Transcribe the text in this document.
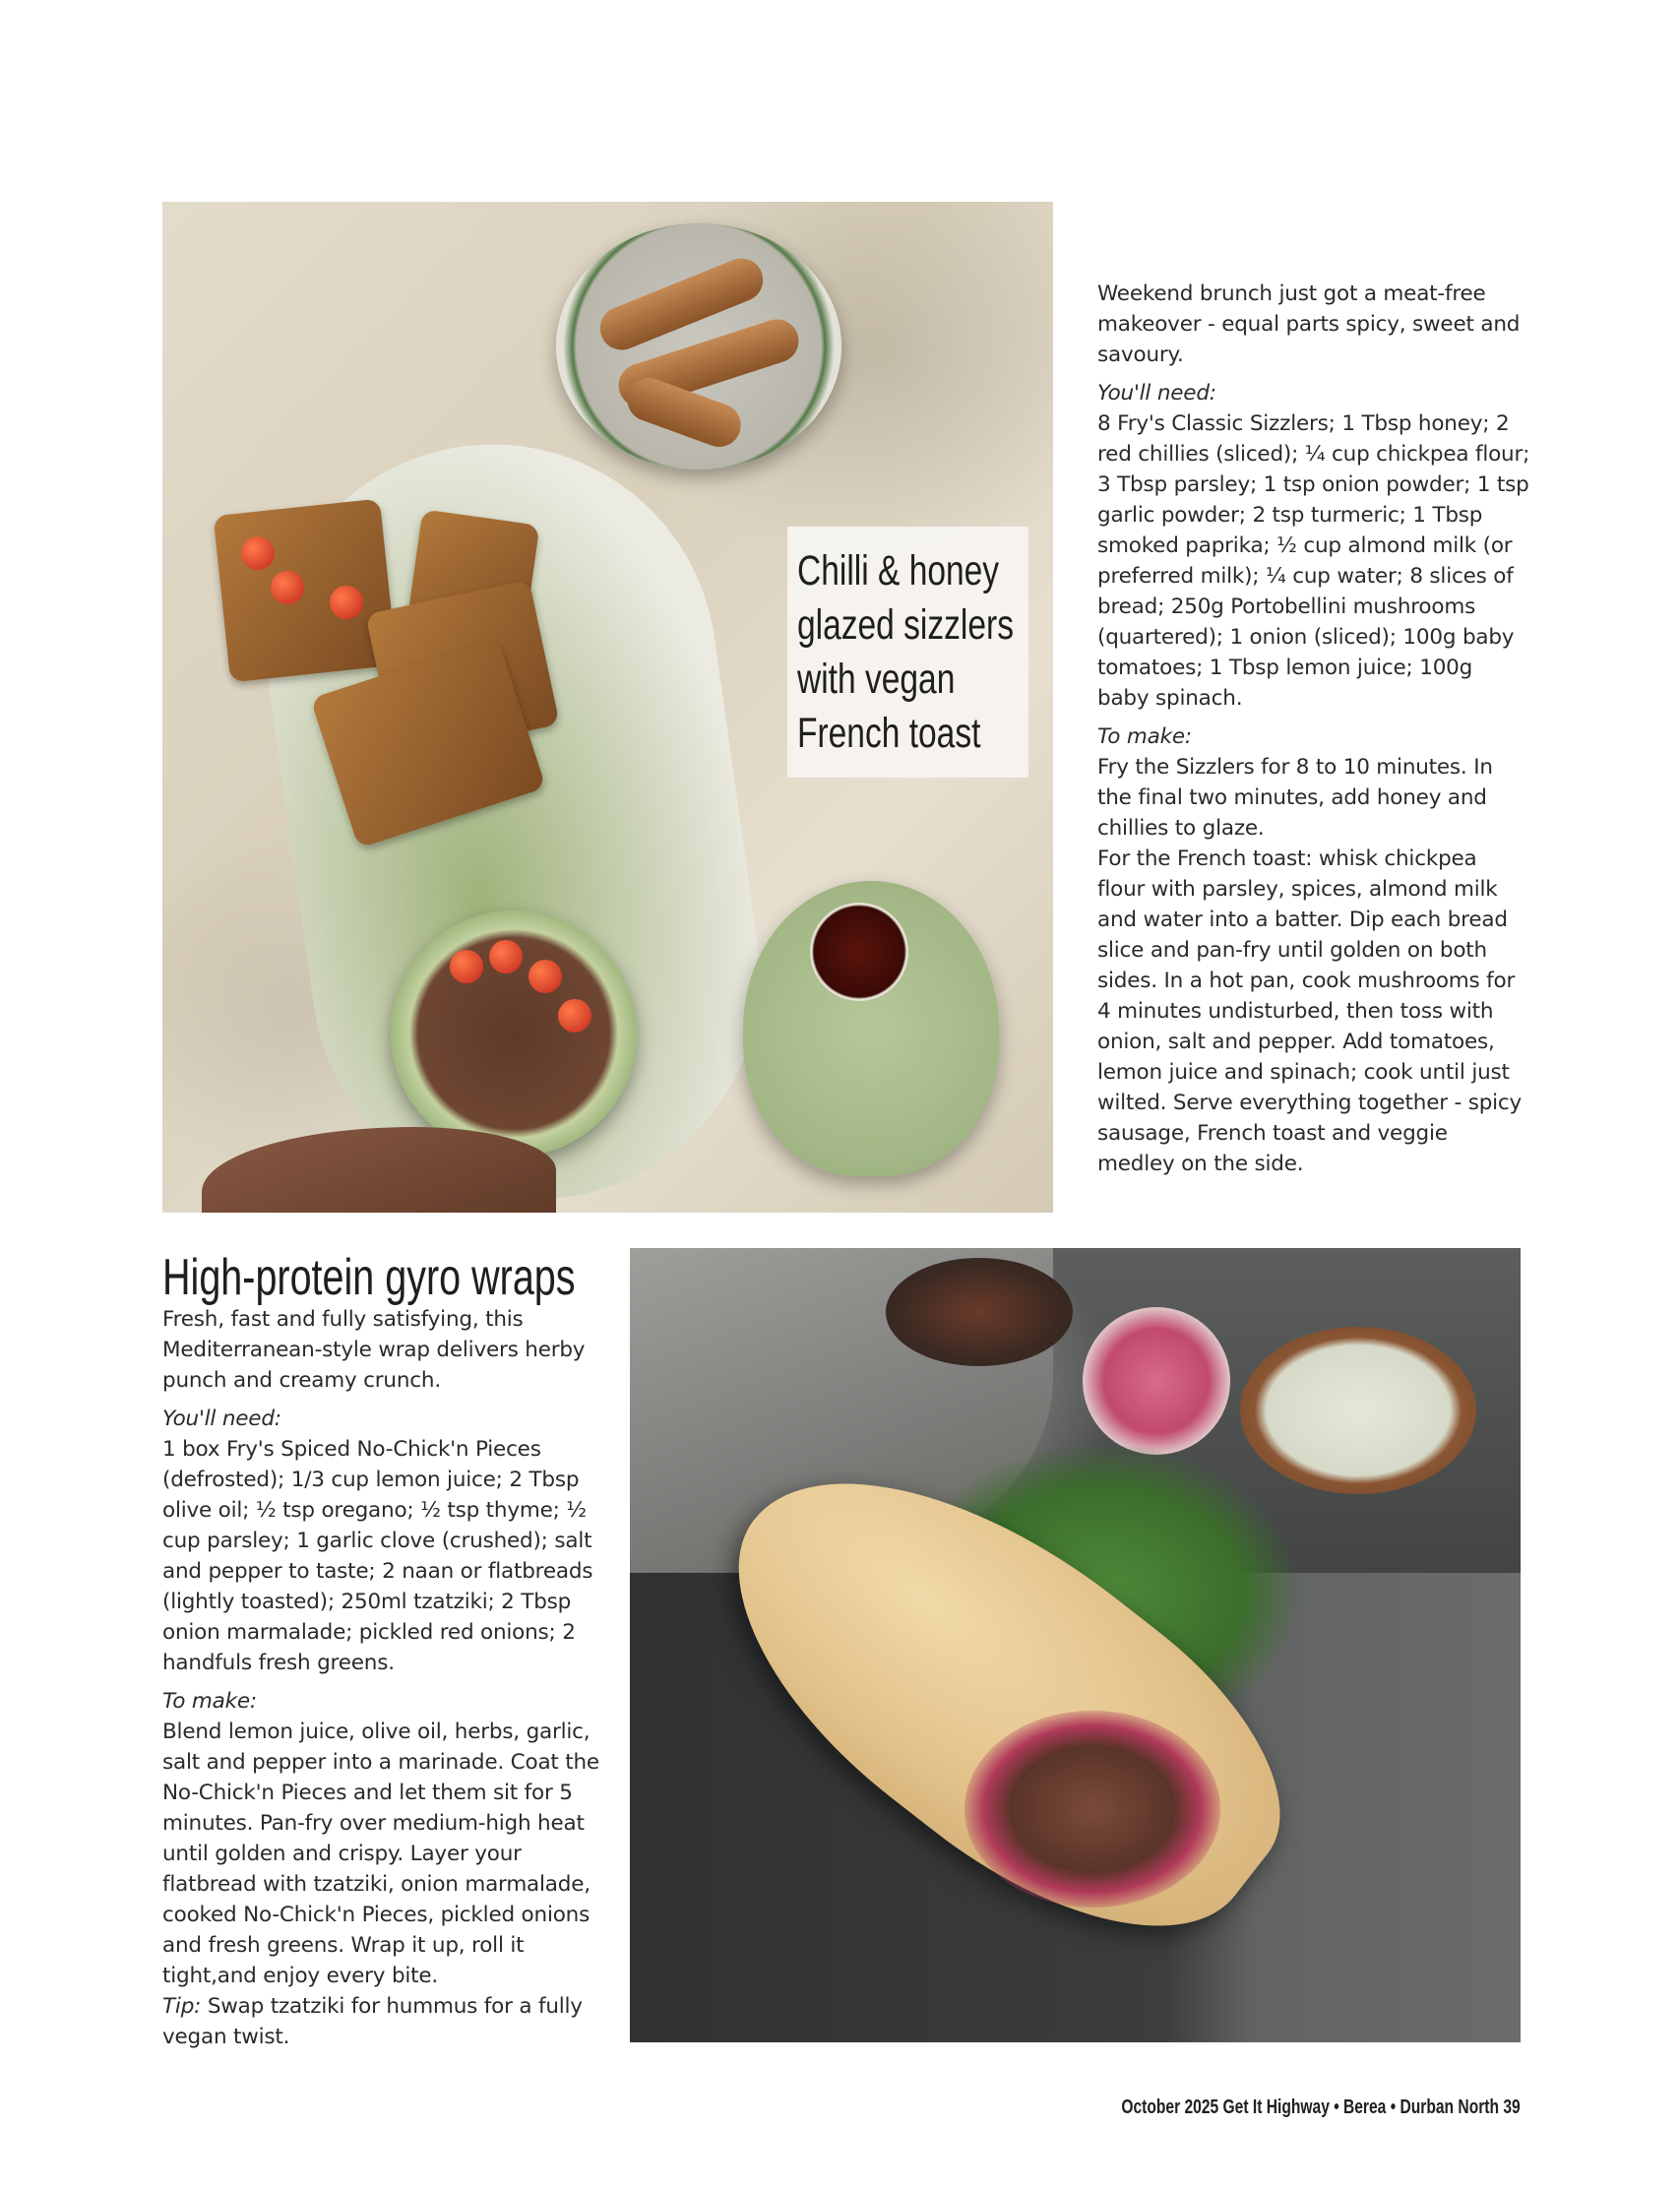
Chilli & honey
glazed sizzlers
with vegan
French toast

Weekend brunch just got a meat-free makeover - equal parts spicy, sweet and savoury.

You'll need:

8 Fry's Classic Sizzlers; 1 Tbsp honey; 2 red chillies (sliced); ¼ cup chickpea flour; 3 Tbsp parsley; 1 tsp onion powder; 1 tsp garlic powder; 2 tsp turmeric; 1 Tbsp smoked paprika; ½ cup almond milk (or preferred milk); ¼ cup water; 8 slices of bread; 250g Portobellini mushrooms (quartered); 1 onion (sliced); 100g baby tomatoes; 1 Tbsp lemon juice; 100g baby spinach.

To make:

Fry the Sizzlers for 8 to 10 minutes. In the final two minutes, add honey and chillies to glaze.

For the French toast: whisk chickpea flour with parsley, spices, almond milk and water into a batter. Dip each bread slice and pan-fry until golden on both sides. In a hot pan, cook mushrooms for 4 minutes undisturbed, then toss with onion, salt and pepper. Add tomatoes, lemon juice and spinach; cook until just wilted. Serve everything together - spicy sausage, French toast and veggie medley on the side.

High-protein gyro wraps

Fresh, fast and fully satisfying, this Mediterranean-style wrap delivers herby punch and creamy crunch.

You'll need:

1 box Fry's Spiced No-Chick'n Pieces (defrosted); 1/3 cup lemon juice; 2 Tbsp olive oil; ½ tsp oregano; ½ tsp thyme; ½ cup parsley; 1 garlic clove (crushed); salt and pepper to taste; 2 naan or flatbreads (lightly toasted); 250ml tzatziki; 2 Tbsp onion marmalade; pickled red onions; 2 handfuls fresh greens.

To make:

Blend lemon juice, olive oil, herbs, garlic, salt and pepper into a marinade. Coat the No-Chick'n Pieces and let them sit for 5 minutes. Pan-fry over medium-high heat until golden and crispy. Layer your flatbread with tzatziki, onion marmalade, cooked No-Chick'n Pieces, pickled onions and fresh greens. Wrap it up, roll it tight,and enjoy every bite.

Tip: Swap tzatziki for hummus for a fully vegan twist.

October 2025 Get It Highway • Berea • Durban North 39
